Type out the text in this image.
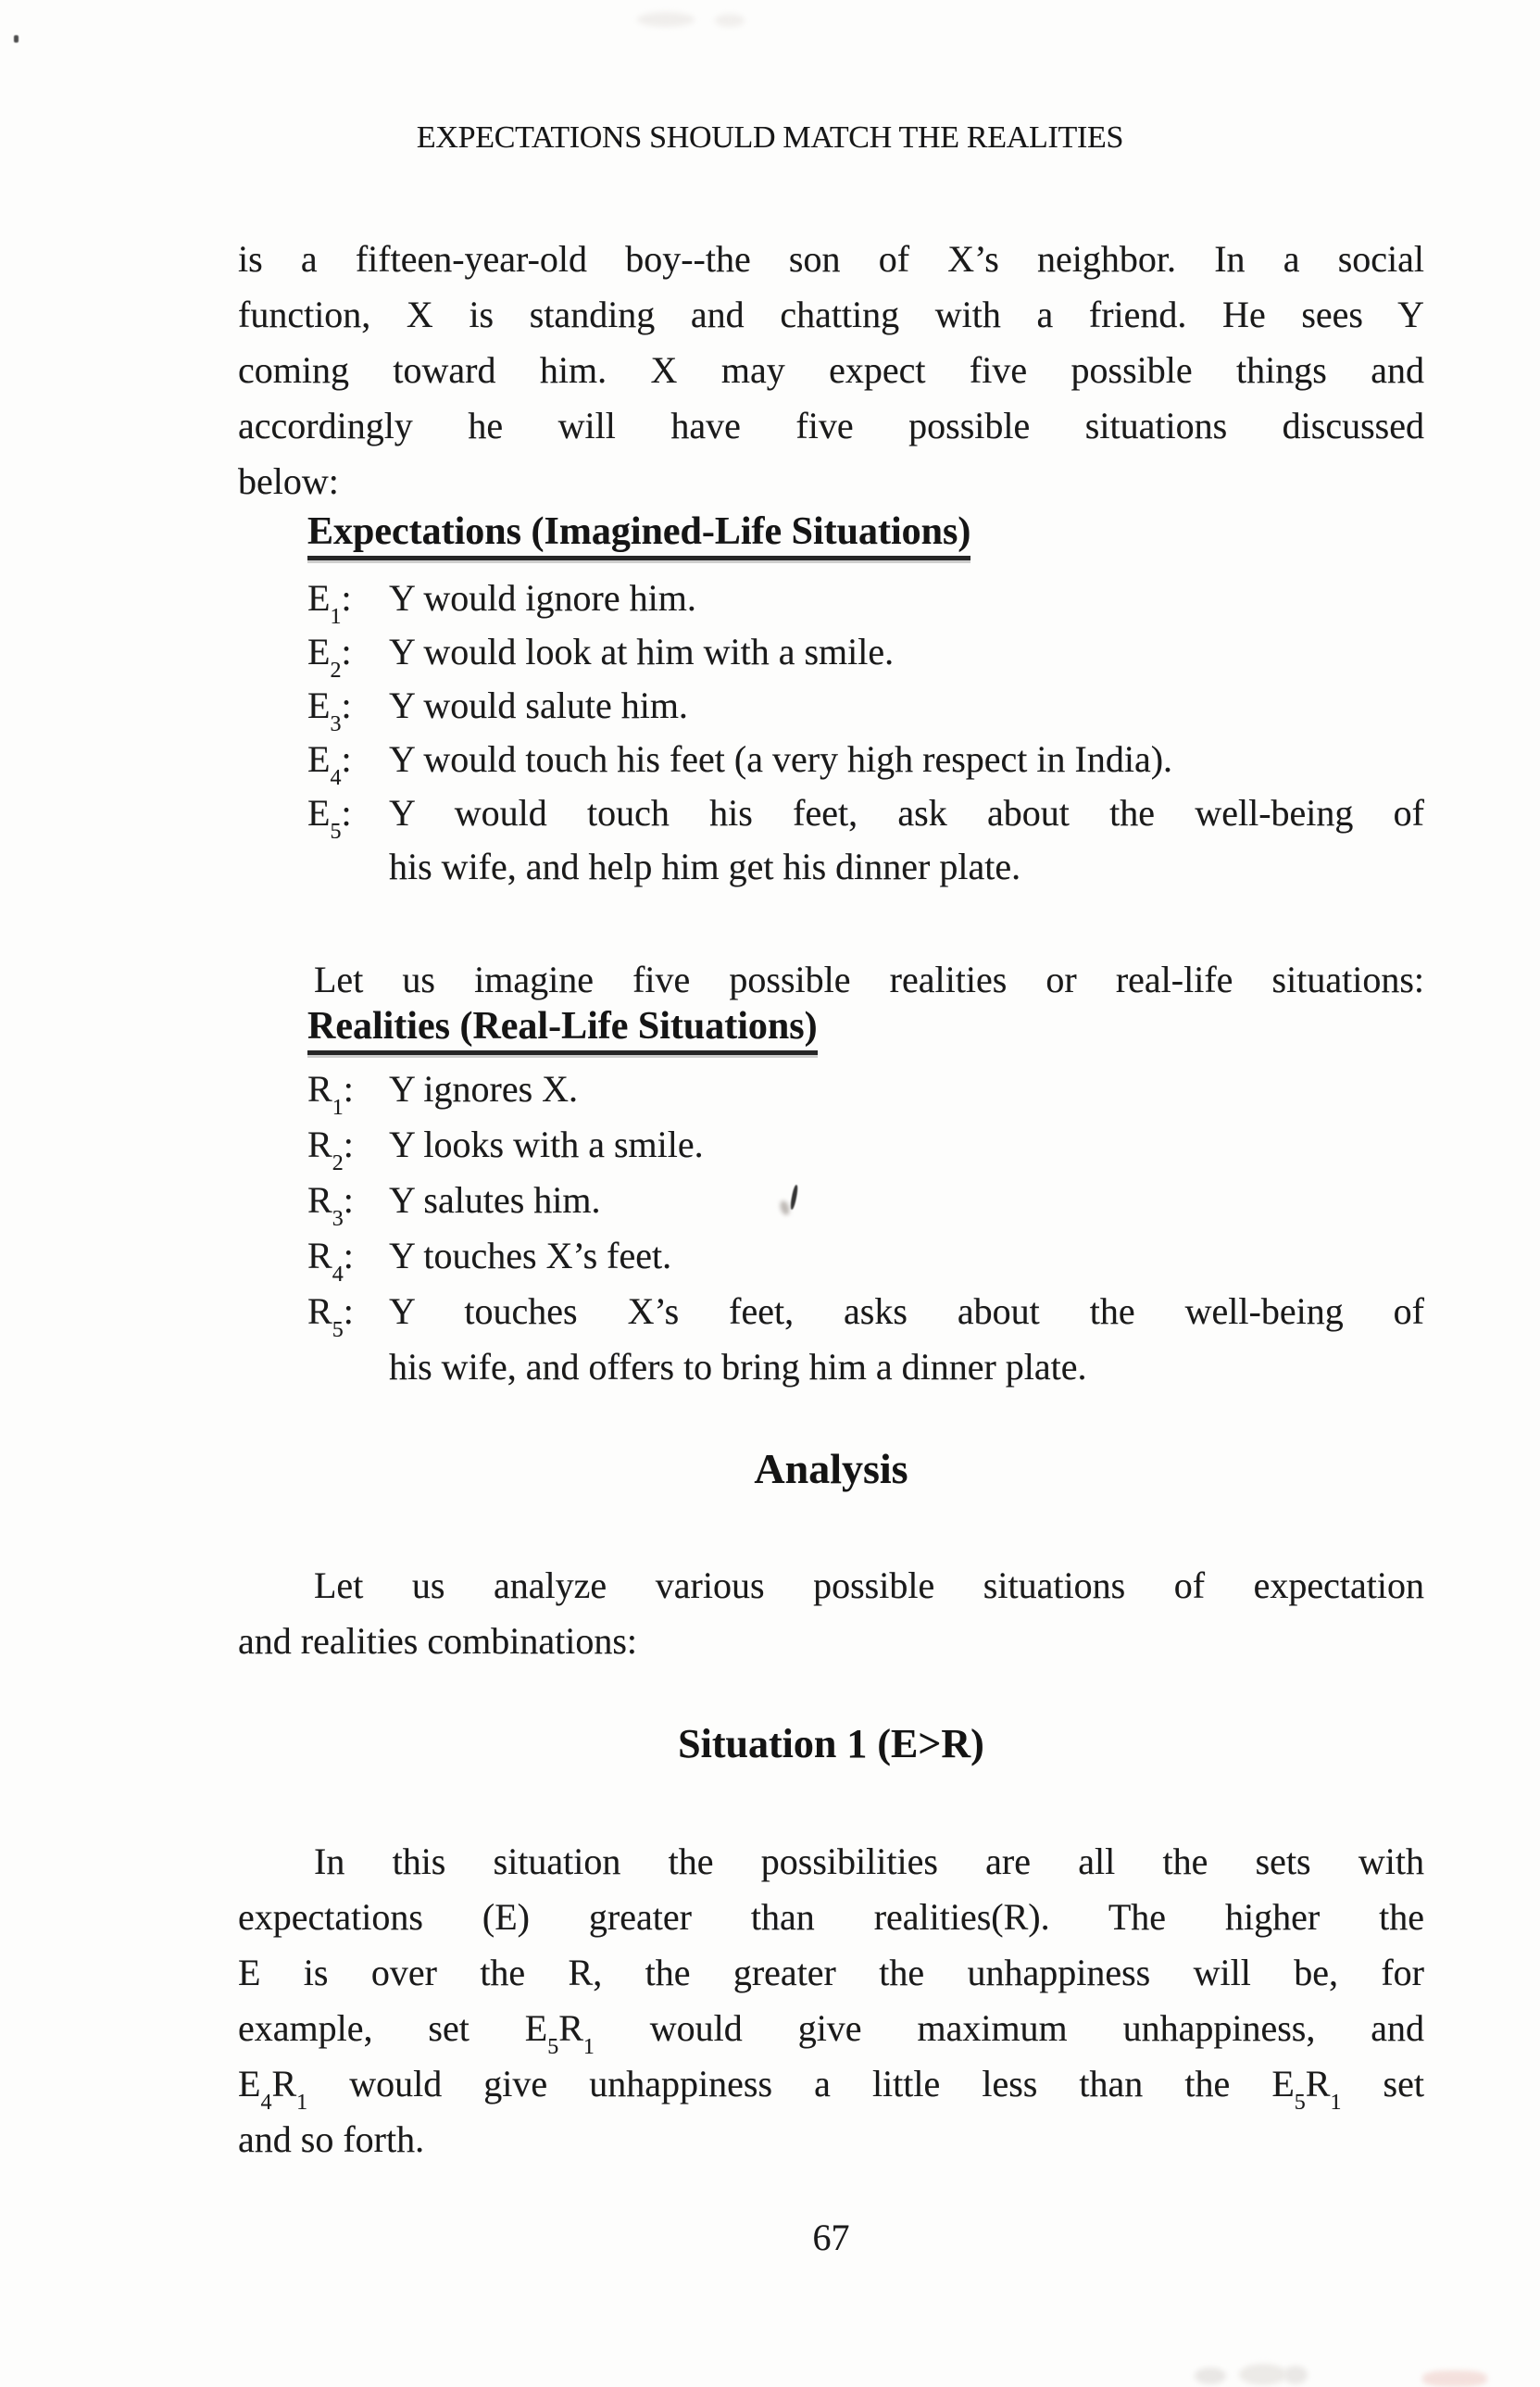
EXPECTATIONS SHOULD MATCH THE REALITIES
is a fifteen-year-old boy--the son of X’s neighbor. In a social
function, X is standing and chatting with a friend. He sees Y
coming toward him. X may expect five possible things and
accordingly he will have five possible situations discussed
below:
Expectations (Imagined-Life Situations)
$E_1$:	Y would ignore him.
$E_2$:	Y would look at him with a smile.
$E_3$:	Y would salute him.
$E_4$:	Y would touch his feet (a very high respect in India).
$E_5$:	Y would touch his feet, ask about the well-being of
his wife, and help him get his dinner plate.
Let us imagine five possible realities or real-life situations:
Realities (Real-Life Situations)
$R_1$: Y ignores X.
$R_2$: Y looks with a smile.
$R_3$: Y salutes him.
$R_4$: Y touches X’s feet.
$R_5$: Y touches X’s feet, asks about the well-being of
his wife, and offers to bring him a dinner plate.
Analysis
Let us analyze various possible situations of expectation
and realities combinations:
Situation 1 (E>R)
In this situation the possibilities are all the sets with
expectations (E) greater than realities(R). The higher the
E is over the R, the greater the unhappiness will be, for
example, set $E_5R_1$ would give maximum unhappiness, and
$E_4R_1$ would give unhappiness a little less than the $E_5R_1$ set
and so forth.
67
